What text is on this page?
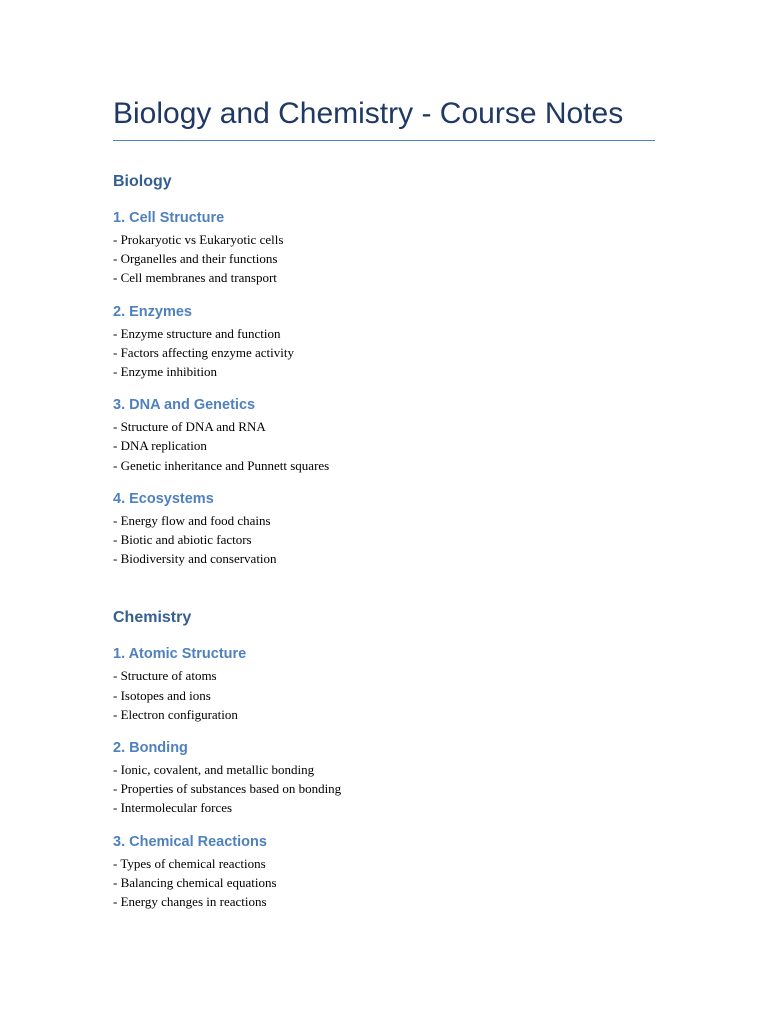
Biology and Chemistry - Course Notes
Biology
1. Cell Structure
- Prokaryotic vs Eukaryotic cells
- Organelles and their functions
- Cell membranes and transport
2. Enzymes
- Enzyme structure and function
- Factors affecting enzyme activity
- Enzyme inhibition
3. DNA and Genetics
- Structure of DNA and RNA
- DNA replication
- Genetic inheritance and Punnett squares
4. Ecosystems
- Energy flow and food chains
- Biotic and abiotic factors
- Biodiversity and conservation
Chemistry
1. Atomic Structure
- Structure of atoms
- Isotopes and ions
- Electron configuration
2. Bonding
- Ionic, covalent, and metallic bonding
- Properties of substances based on bonding
- Intermolecular forces
3. Chemical Reactions
- Types of chemical reactions
- Balancing chemical equations
- Energy changes in reactions
